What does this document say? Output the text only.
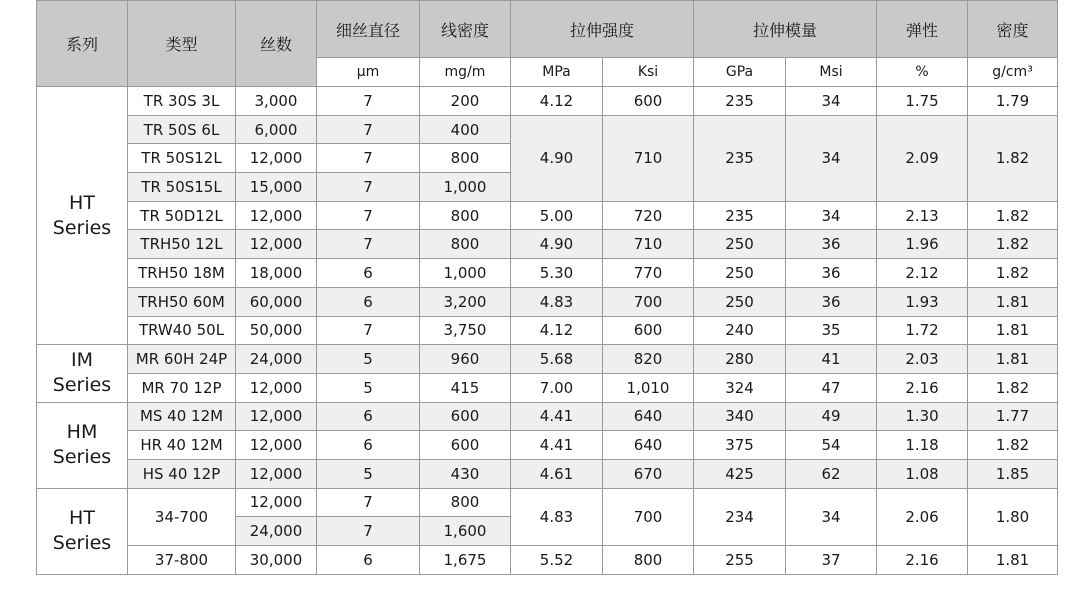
系列	类型	丝数	细丝直径	线密度	拉伸强度		拉伸模量		弹性	密度
			μm	mg/m	MPa	Ksi	GPa	Msi	%	g/cm³
HT
Series	TR 30S 3L	3,000	7	200	4.12	600	235	34	1.75	1.79
	TR 50S 6L	6,000	7	400	4.90	710	235	34	2.09	1.82
	TR 50S12L	12,000	7	800						
	TR 50S15L	15,000	7	1,000						
	TR 50D12L	12,000	7	800	5.00	720	235	34	2.13	1.82
	TRH50 12L	12,000	7	800	4.90	710	250	36	1.96	1.82
	TRH50 18M	18,000	6	1,000	5.30	770	250	36	2.12	1.82
	TRH50 60M	60,000	6	3,200	4.83	700	250	36	1.93	1.81
	TRW40 50L	50,000	7	3,750	4.12	600	240	35	1.72	1.81
IM
Series	MR 60H 24P	24,000	5	960	5.68	820	280	41	2.03	1.81
	MR 70 12P	12,000	5	415	7.00	1,010	324	47	2.16	1.82
HM
Series	MS 40 12M	12,000	6	600	4.41	640	340	49	1.30	1.77
	HR 40 12M	12,000	6	600	4.41	640	375	54	1.18	1.82
	HS 40 12P	12,000	5	430	4.61	670	425	62	1.08	1.85
HT
Series	34-700	12,000	7	800	4.83	700	234	34	2.06	1.80
		24,000	7	1,600						
	37-800	30,000	6	1,675	5.52	800	255	37	2.16	1.81
